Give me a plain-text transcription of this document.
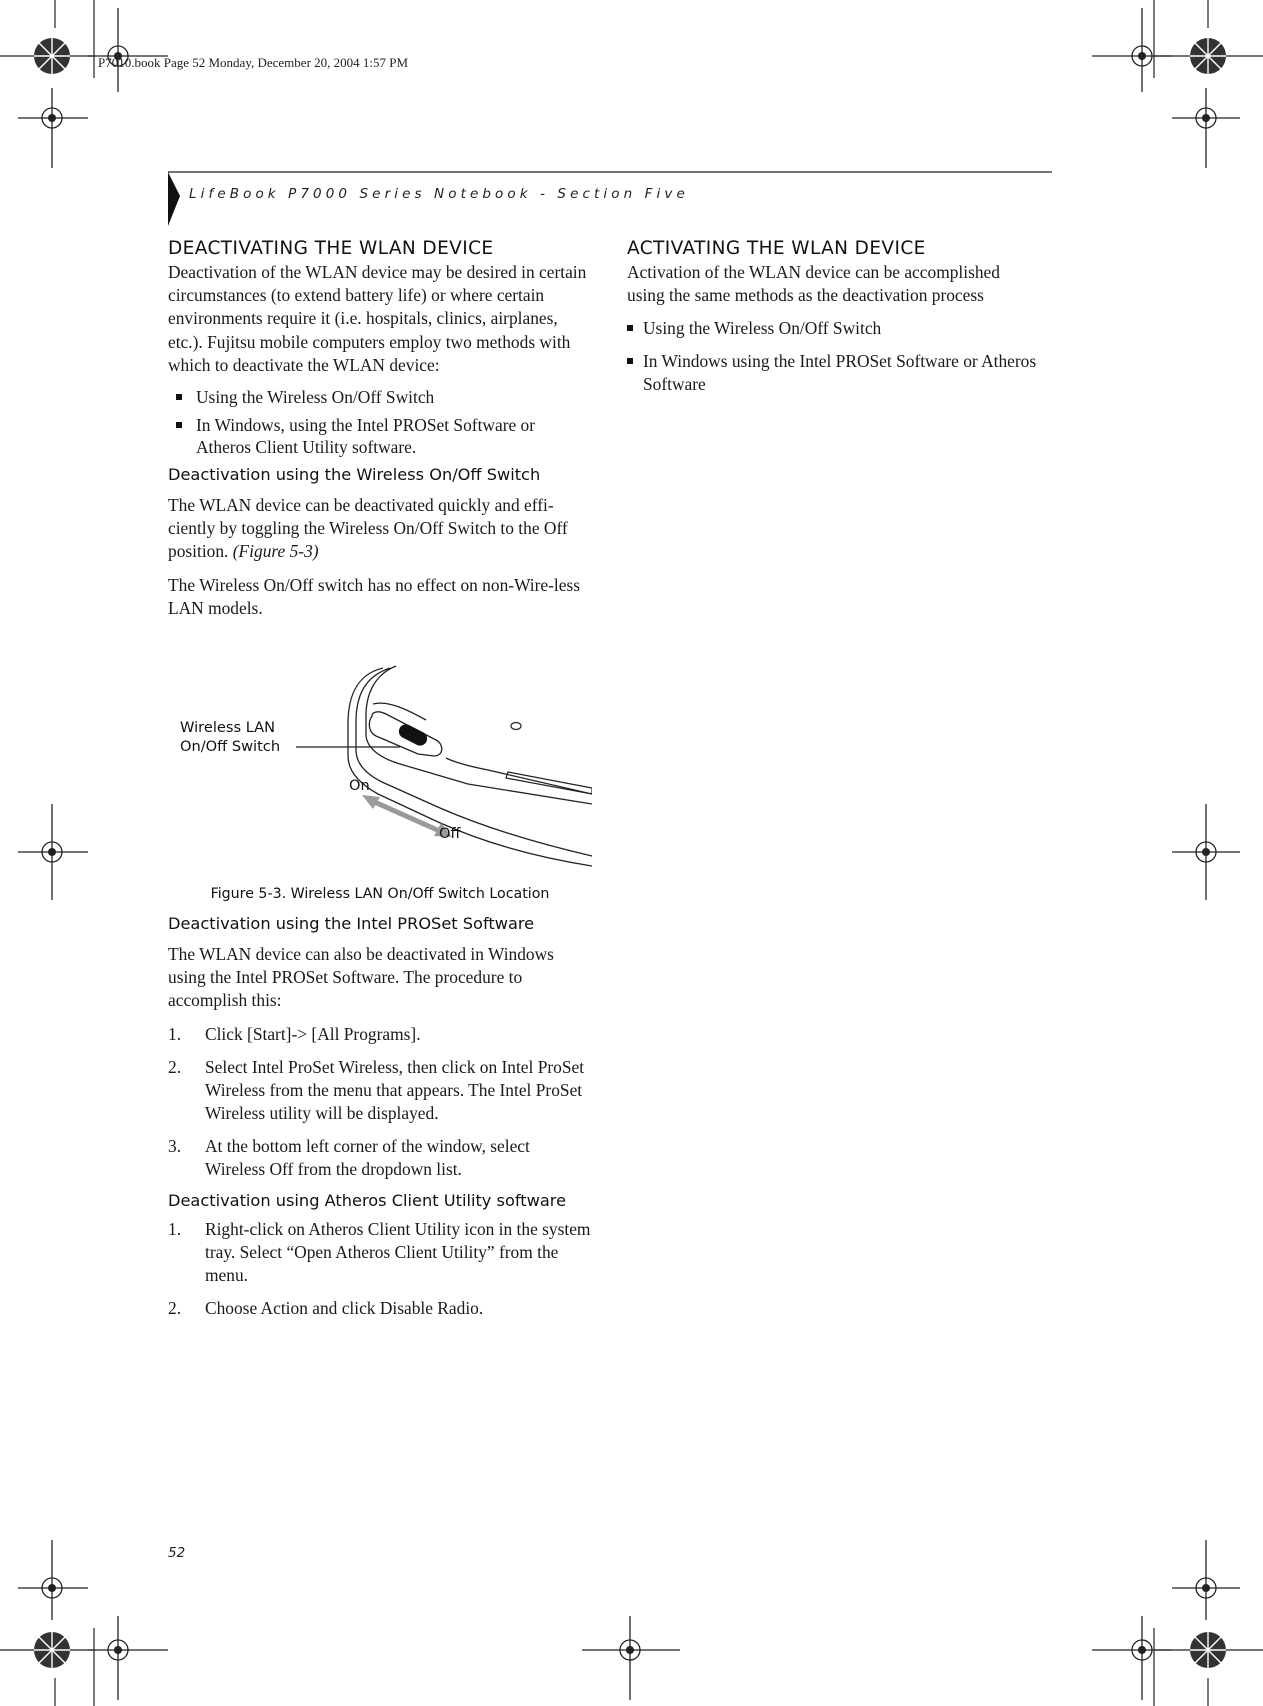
P7010.book Page 52 Monday, December 20, 2004 1:57 PM
LifeBook P7000 Series Notebook - Section Five
DEACTIVATING THE WLAN DEVICE

Deactivation of the WLAN device may be desired in certain circumstances (to extend battery life) or where certain environments require it (i.e. hospitals, clinics, airplanes, etc.). Fujitsu mobile computers employ two methods with which to deactivate the WLAN device:

Using the Wireless On/Off Switch
In Windows, using the Intel PROSet Software or Atheros Client Utility software.
Deactivation using the Wireless On/Off Switch

The WLAN device can be deactivated quickly and effi-ciently by toggling the Wireless On/Off Switch to the Off position. (Figure 5-3)

The Wireless On/Off switch has no effect on non-Wire-less LAN models.

Wireless LAN
On/Off Switch
On
Off
Figure 5-3. Wireless LAN On/Off Switch Location
Deactivation using the Intel PROSet Software

The WLAN device can also be deactivated in Windows using the Intel PROSet Software. The procedure to accomplish this:

1. Click [Start]-> [All Programs].
2. Select Intel ProSet Wireless, then click on Intel ProSet Wireless from the menu that appears. The Intel ProSet Wireless utility will be displayed.
3. At the bottom left corner of the window, select Wireless Off from the dropdown list.
Deactivation using Atheros Client Utility software
1. Right-click on Atheros Client Utility icon in the system tray. Select “Open Atheros Client Utility” from the menu.
2. Choose Action and click Disable Radio.
ACTIVATING THE WLAN DEVICE

Activation of the WLAN device can be accomplished using the same methods as the deactivation process

Using the Wireless On/Off Switch
In Windows using the Intel PROSet Software or Atheros Software
52
